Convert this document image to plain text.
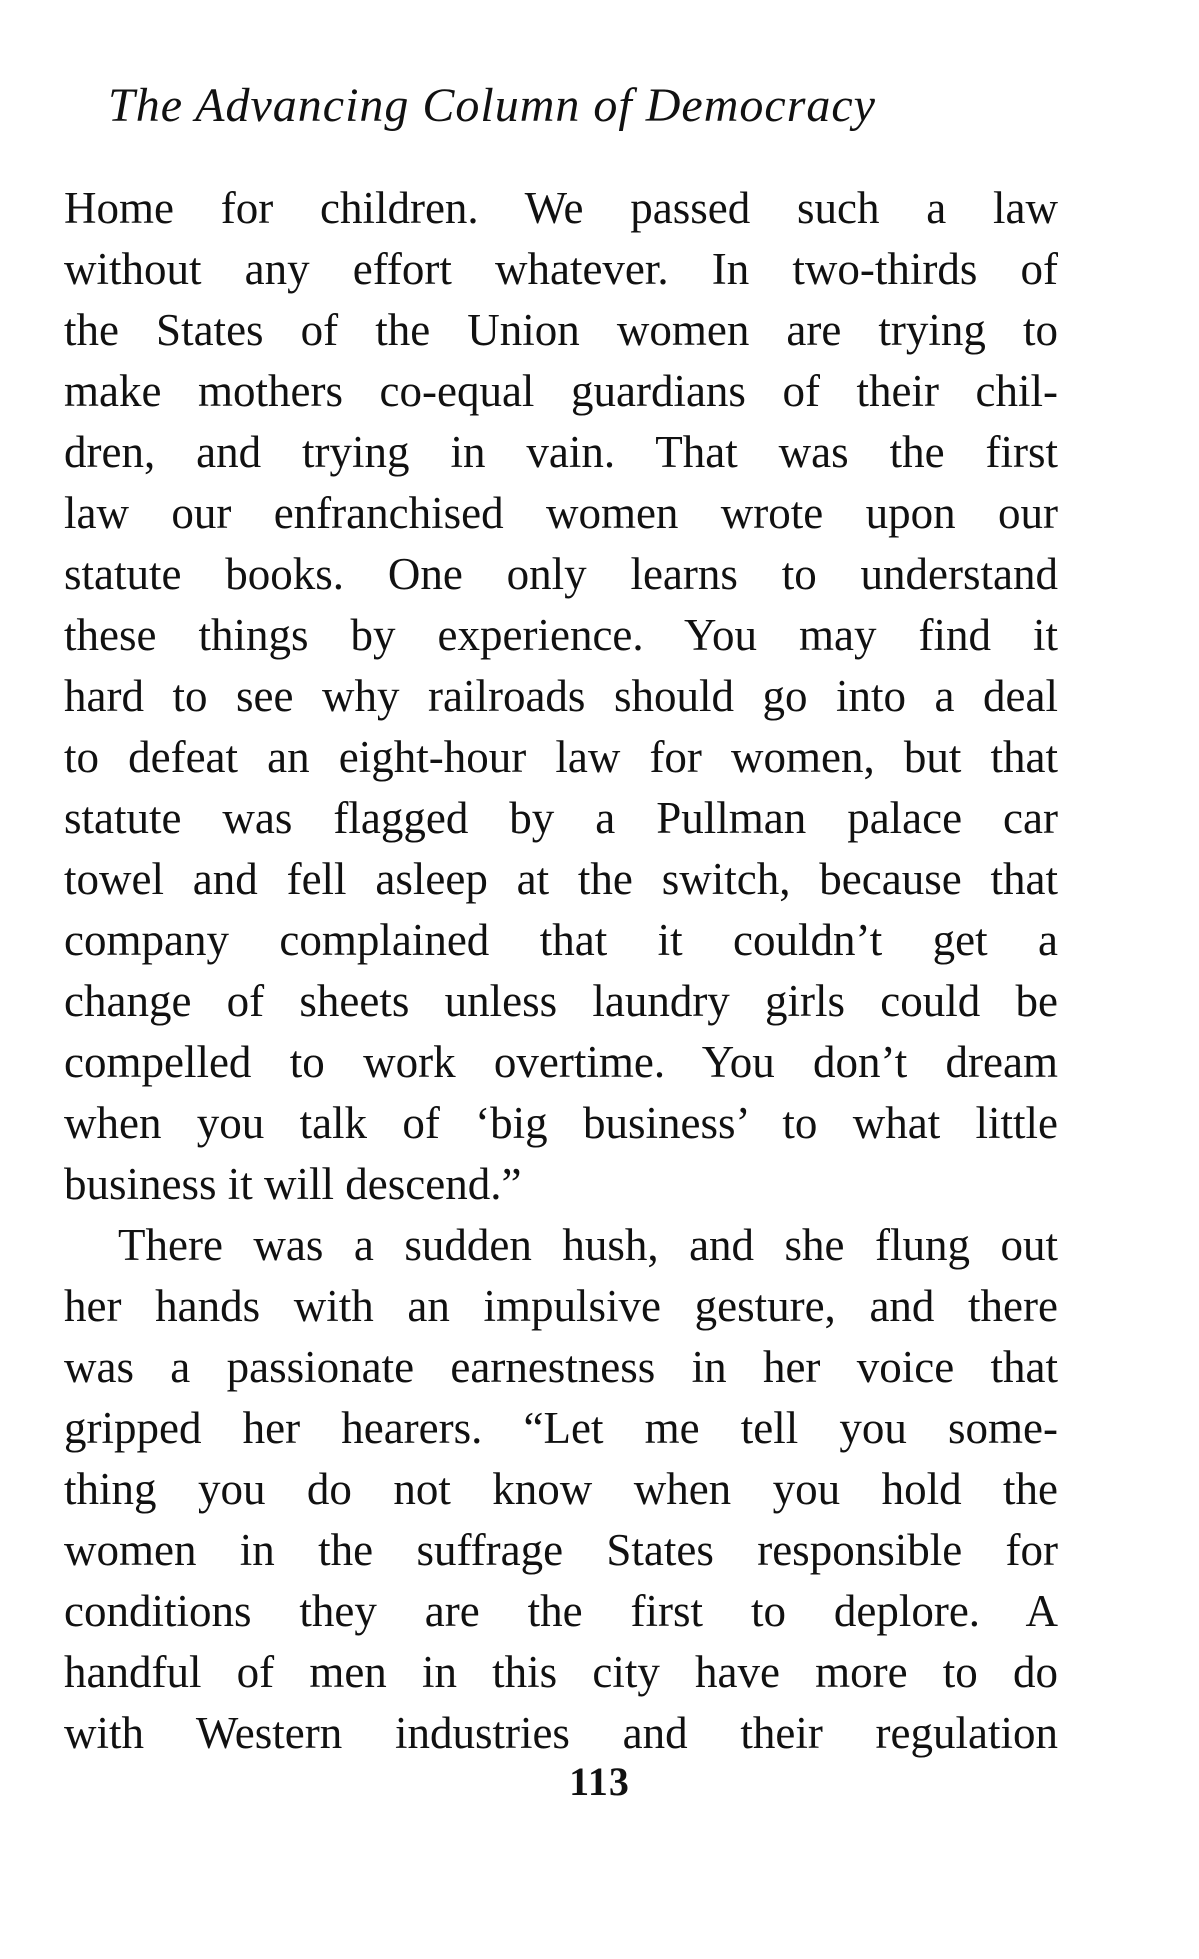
The Advancing Column of Democracy
Home for children. We passed such a law
without any effort whatever. In two-thirds of
the States of the Union women are trying to
make mothers co-equal guardians of their chil-
dren, and trying in vain. That was the first
law our enfranchised women wrote upon our
statute books. One only learns to understand
these things by experience. You may find it
hard to see why railroads should go into a deal
to defeat an eight-hour law for women, but that
statute was flagged by a Pullman palace car
towel and fell asleep at the switch, because that
company complained that it couldn’t get a
change of sheets unless laundry girls could be
compelled to work overtime. You don’t dream
when you talk of ‘big business’ to what little
business it will descend.”
There was a sudden hush, and she flung out
her hands with an impulsive gesture, and there
was a passionate earnestness in her voice that
gripped her hearers. “Let me tell you some-
thing you do not know when you hold the
women in the suffrage States responsible for
conditions they are the first to deplore. A
handful of men in this city have more to do
with Western industries and their regulation
113
